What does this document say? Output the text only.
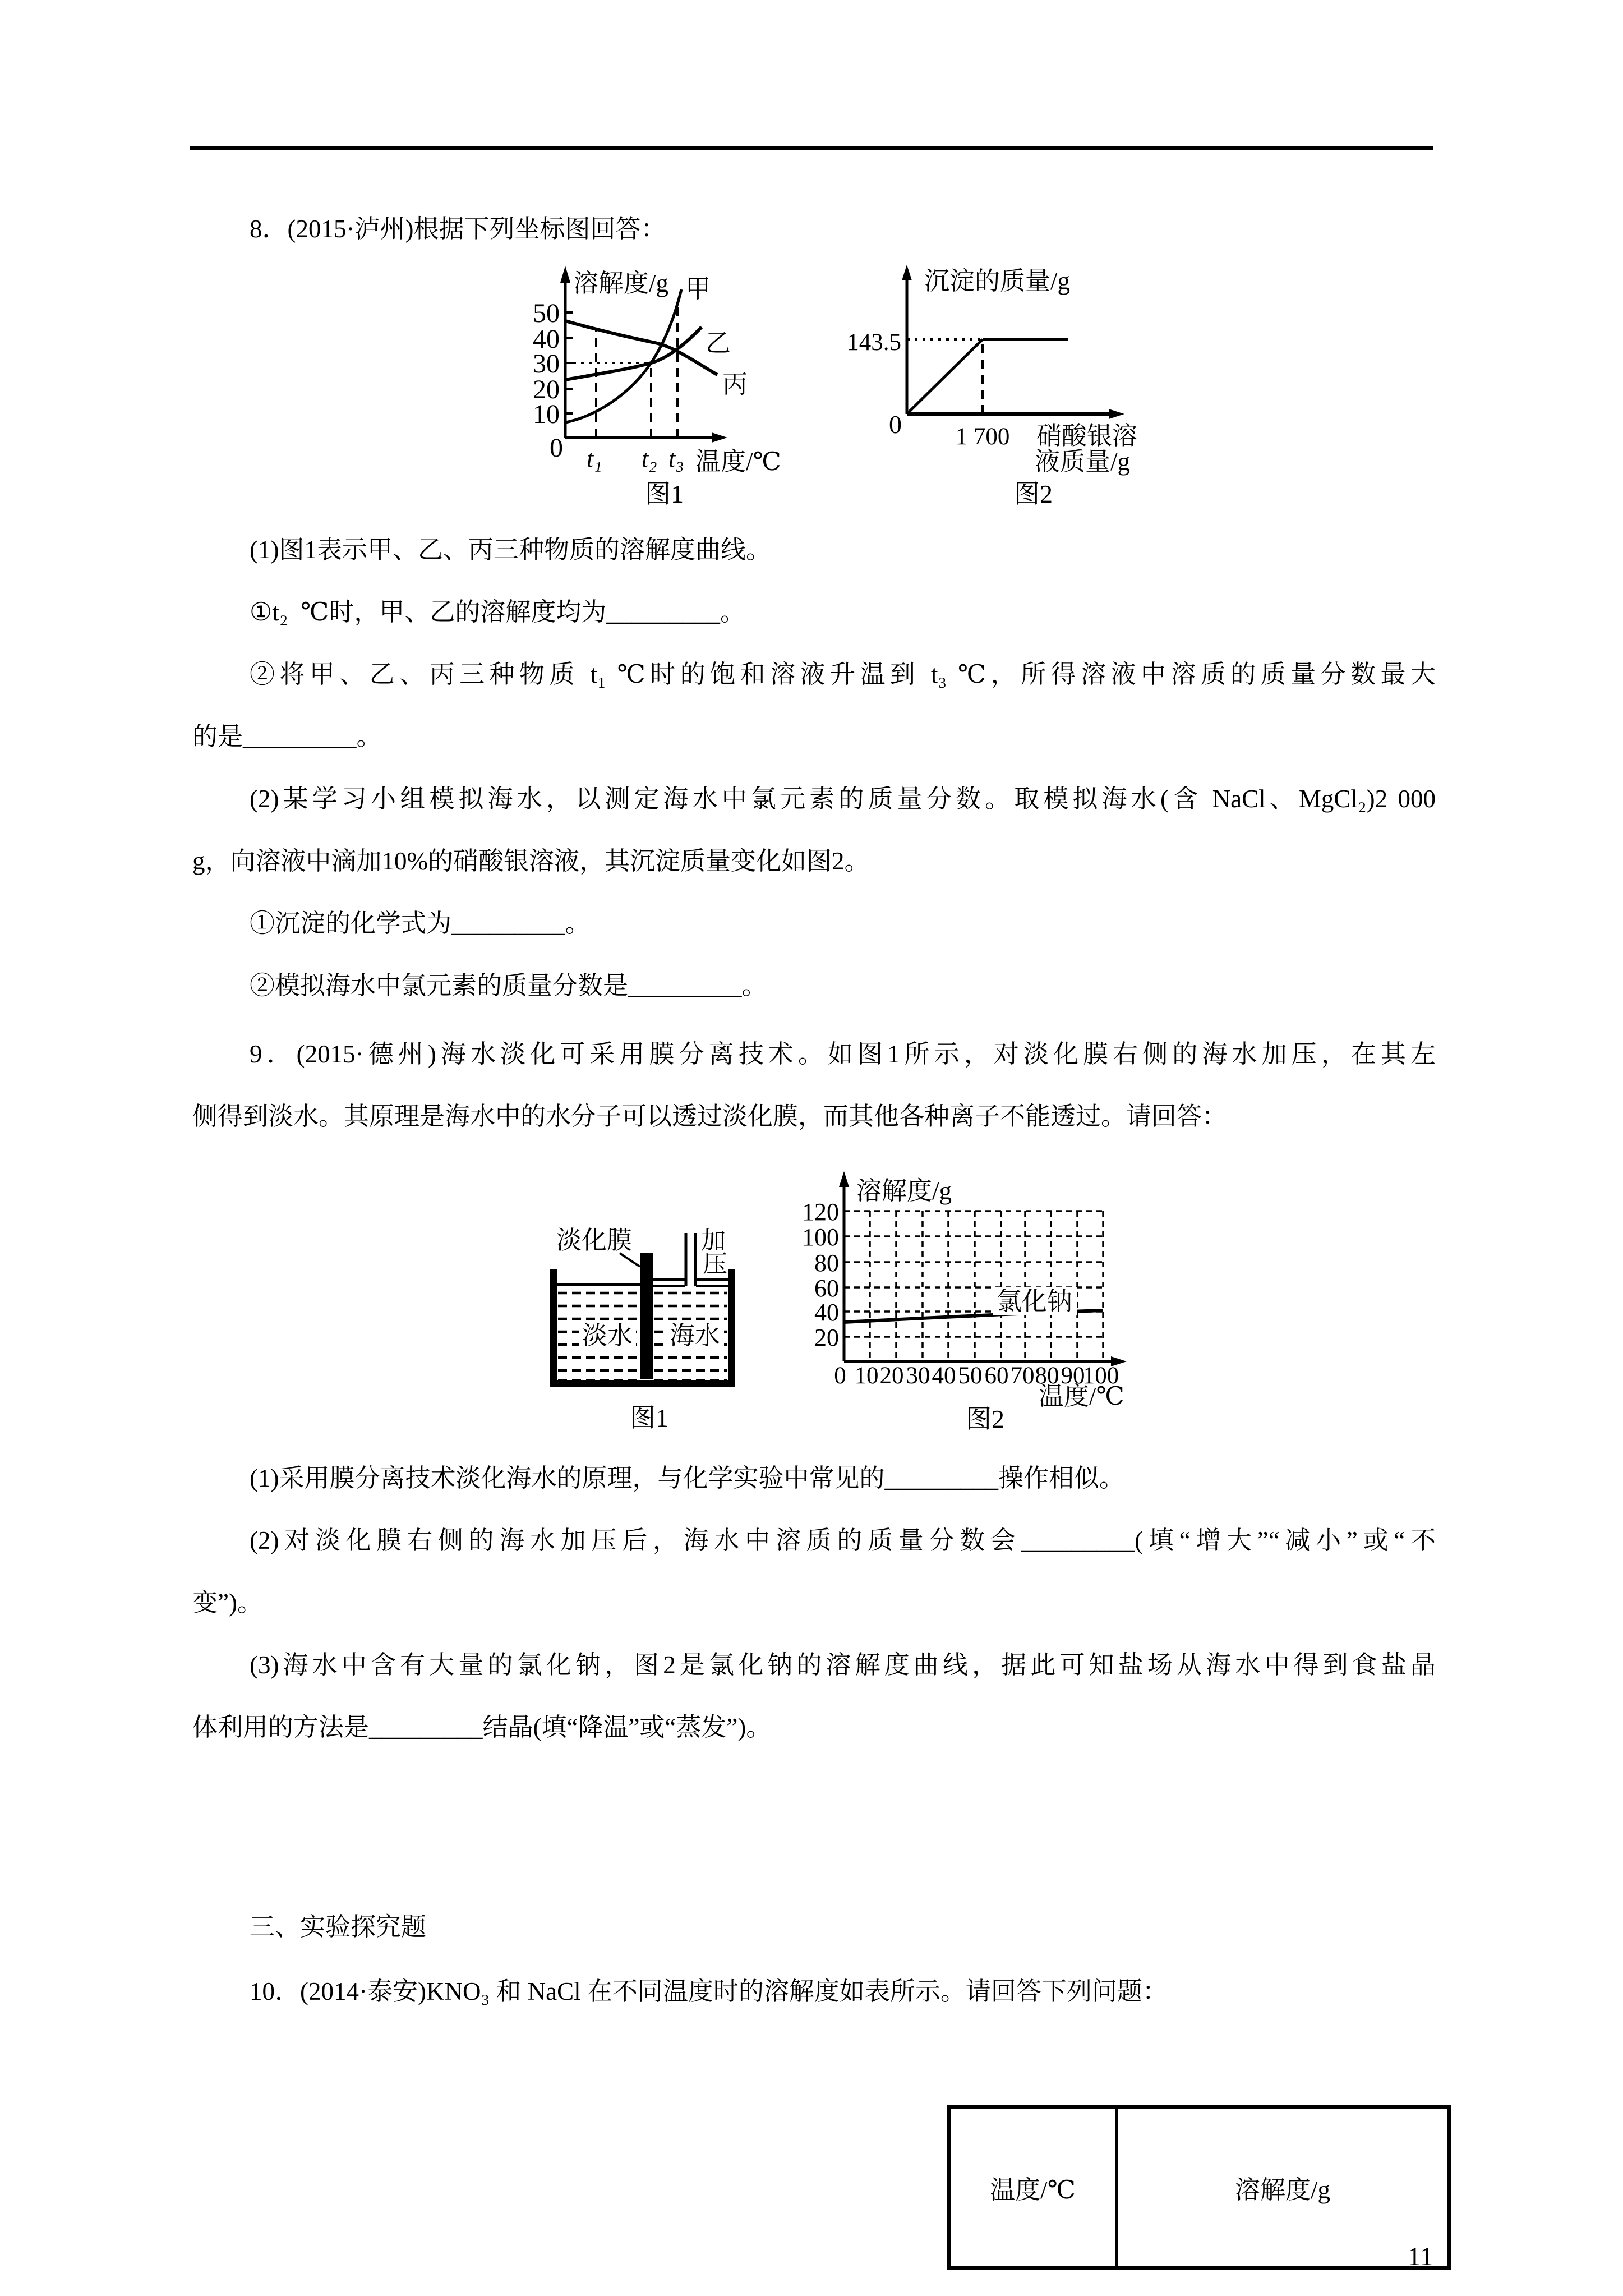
8．(2015·泸州)根据下列坐标图回答：
50
40
30
20
10
0
甲
乙
丙
溶解度/g
t₁ t₂ t₃ 温度/℃
图1
143.5
0 1 700
沉淀的质量/g
硝酸银溶
液质量/g
图2
(1)图1表示甲、乙、丙三种物质的溶解度曲线。
①t₂  ℃时，甲、乙的溶解度均为_________。
②将甲、乙、丙三种物质 t₁ ℃时的饱和溶液升温到 t₃ ℃，所得溶液中溶质的质量分数最大
的是_________。
(2)某学习小组模拟海水，以测定海水中氯元素的质量分数。取模拟海水(含 NaCl、MgCl₂)2 000
g，向溶液中滴加10%的硝酸银溶液，其沉淀质量变化如图2。
①沉淀的化学式为_________。
②模拟海水中氯元素的质量分数是_________。
9．(2015·德州)海水淡化可采用膜分离技术。如图1所示，对淡化膜右侧的海水加压，在其左
侧得到淡水。其原理是海水中的水分子可以透过淡化膜，而其他各种离子不能透过。请回答：
淡化膜	加
压
淡水 海水
图1
120
100
80
60
40
20
0 10 20 30 40 50 60 70 80 90
100
氯化钠
溶解度/g
温度/℃
图2
(1)采用膜分离技术淡化海水的原理，与化学实验中常见的_________操作相似。
(2)对淡化膜右侧的海水加压后，海水中溶质的质量分数会_________(填“增大”“减小”或“不
变”)。
(3)海水中含有大量的氯化钠，图2是氯化钠的溶解度曲线，据此可知盐场从海水中得到食盐晶
体利用的方法是_________结晶(填“降温”或“蒸发”)。
三、实验探究题
10．(2014·泰安)KNO₃ 和 NaCl 在不同温度时的溶解度如表所示。请回答下列问题：
温度/℃	溶解度/g
11
